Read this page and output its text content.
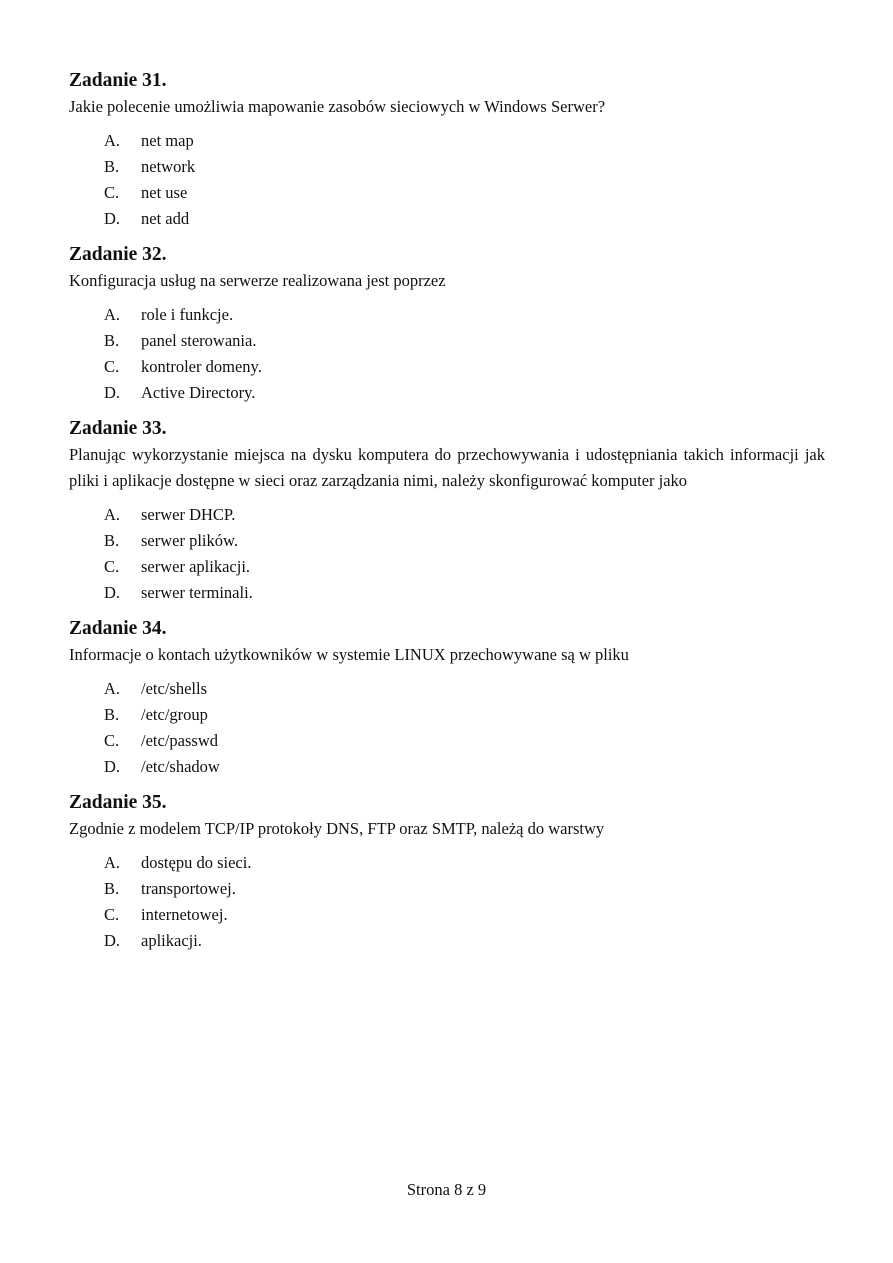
Zadanie 31.

Jakie polecenie umożliwia mapowanie zasobów sieciowych w Windows Serwer?

A.	net map
B.	network
C.	net use
D.	net add
Zadanie 32.

Konfiguracja usług na serwerze realizowana jest poprzez

A.	role i funkcje.
B.	panel sterowania.
C.	kontroler domeny.
D.	Active Directory.
Zadanie 33.

Planując wykorzystanie miejsca na dysku komputera do przechowywania i udostępniania takich informacji jak pliki i aplikacje dostępne w sieci oraz zarządzania nimi, należy skonfigurować komputer jako

A.	serwer DHCP.
B.	serwer plików.
C.	serwer aplikacji.
D.	serwer terminali.
Zadanie 34.

Informacje o kontach użytkowników w systemie LINUX przechowywane są w pliku

A.	/etc/shells
B.	/etc/group
C.	/etc/passwd
D.	/etc/shadow
Zadanie 35.

Zgodnie z modelem TCP/IP protokoły DNS, FTP oraz SMTP, należą do warstwy

A.	dostępu do sieci.
B.	transportowej.
C.	internetowej.
D.	aplikacji.
Strona 8 z 9
